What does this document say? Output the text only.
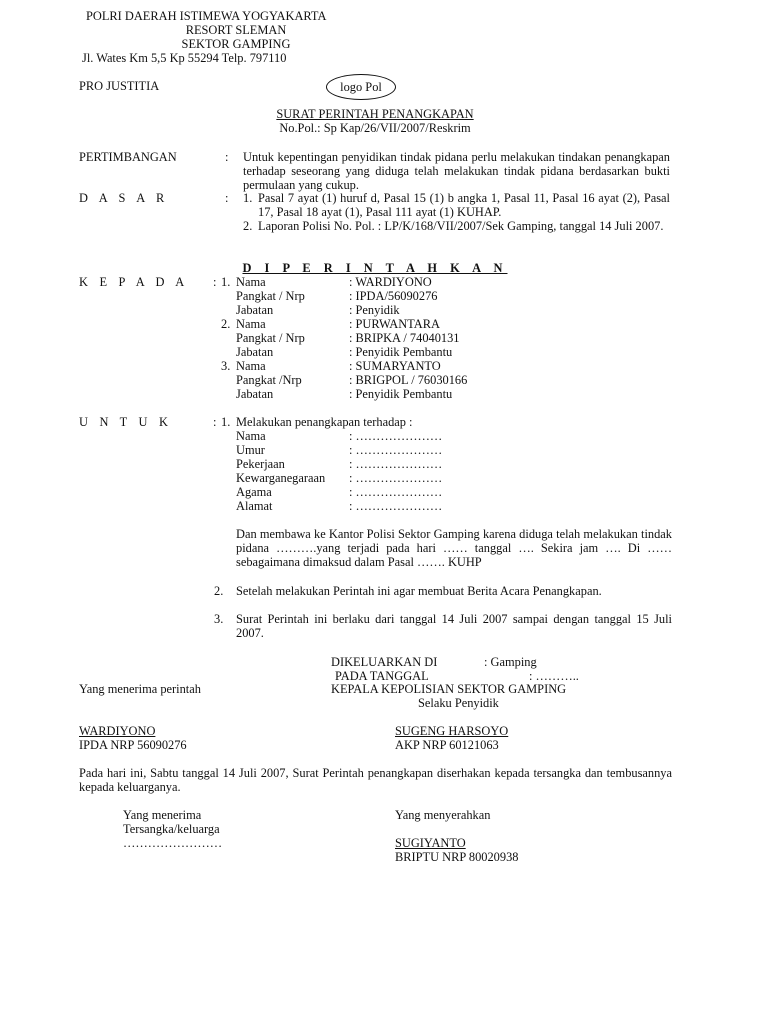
POLRI DAERAH ISTIMEWA YOGYAKARTA
RESORT SLEMAN
SEKTOR GAMPING
Jl. Wates Km 5,5 Kp 55294 Telp. 797110
PRO JUSTITIA	logo Pol
SURAT PERINTAH PENANGKAPAN
No.Pol.: Sp Kap/26/VII/2007/Reskrim
PERTIMBANGAN	: Untuk kepentingan penyidikan tindak pidana perlu melakukan tindakan penangkapan terhadap seseorang yang diduga telah melakukan tindak pidana berdasarkan bukti permulaan yang cukup.
D A S A R	: 1. Pasal 7 ayat (1) huruf d, Pasal 15 (1) b angka 1, Pasal 11, Pasal 16 ayat (2), Pasal 17, Pasal 18 ayat (1), Pasal 111 ayat (1) KUHAP.
2. Laporan Polisi No. Pol. : LP/K/168/VII/2007/Sek Gamping, tanggal 14 Juli 2007.
D I P E R I N T A H K A N
K E P A D A : 1. Nama	: WARDIYONO
Pangkat / Nrp	: IPDA/56090276
Jabatan	: Penyidik
2. Nama	: PURWANTARA
Pangkat / Nrp	: BRIPKA / 74040131
Jabatan	: Penyidik Pembantu
3. Nama	: SUMARYANTO
Pangkat /Nrp	: BRIGPOL / 76030166
Jabatan	: Penyidik Pembantu
U N T U K	: 1. Melakukan penangkapan terhadap :
Nama	: …………………
Umur	: …………………
Pekerjaan	: …………………
Kewarganegaraan : …………………
Agama	: …………………
Alamat	: …………………
Dan membawa ke Kantor Polisi Sektor Gamping karena diduga telah melakukan tindak pidana ……….yang terjadi pada hari …… tanggal …. Sekira jam …. Di …… sebagaimana dimaksud dalam Pasal ……. KUHP
2. Setelah melakukan Perintah ini agar membuat Berita Acara Penangkapan.
3. Surat Perintah ini berlaku dari tanggal 14 Juli 2007 sampai dengan tanggal 15 Juli 2007.
DIKELUARKAN DI	: Gamping
PADA TANGGAL	: ………..
Yang menerima perintah	KEPALA KEPOLISIAN SEKTOR GAMPING
Selaku Penyidik
WARDIYONO
IPDA NRP 56090276
SUGENG HARSOYO
AKP NRP 60121063
Pada hari ini, Sabtu tanggal 14 Juli 2007, Surat Perintah penangkapan diserhakan kepada tersangka dan tembusannya kepada keluarganya.
Yang menerima
Tersangka/keluarga
……………………
Yang menyerahkan
SUGIYANTO
BRIPTU NRP 80020938
